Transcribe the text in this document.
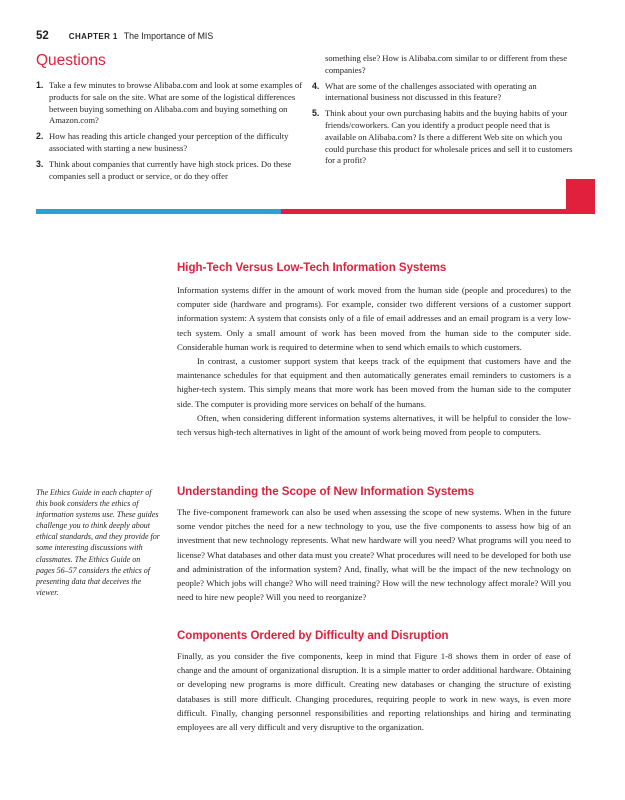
52	CHAPTER 1 The Importance of MIS
Questions
1. Take a few minutes to browse Alibaba.com and look at some examples of products for sale on the site. What are some of the logistical differences between buying something on Alibaba.com and buying something on Amazon.com?
2. How has reading this article changed your perception of the difficulty associated with starting a new business?
3. Think about companies that currently have high stock prices. Do these companies sell a product or service, or do they offer
something else? How is Alibaba.com similar to or different from these companies?
4. What are some of the challenges associated with operating an international business not discussed in this feature?
5. Think about your own purchasing habits and the buying habits of your friends/coworkers. Can you identify a product people need that is available on Alibaba.com? Is there a different Web site on which you could purchase this product for wholesale prices and sell it to customers for a profit?
High-Tech Versus Low-Tech Information Systems

Information systems differ in the amount of work moved from the human side (people and procedures) to the computer side (hardware and programs). For example, consider two different versions of a customer support information system: A system that consists only of a file of email addresses and an email program is a very low-tech system. Only a small amount of work has been moved from the human side to the computer side. Considerable human work is required to determine when to send which emails to which customers.

In contrast, a customer support system that keeps track of the equipment that customers have and the maintenance schedules for that equipment and then automatically generates email reminders to customers is a higher-tech system. This simply means that more work has been moved from the human side to the computer side. The computer is providing more services on behalf of the humans.

Often, when considering different information systems alternatives, it will be helpful to consider the low-tech versus high-tech alternatives in light of the amount of work being moved from people to computers.

The Ethics Guide in each chapter of this book considers the ethics of information systems use. These guides challenge you to think deeply about ethical standards, and they provide for some interesting discussions with classmates. The Ethics Guide on pages 56–57 considers the ethics of presenting data that deceives the viewer.
Understanding the Scope of New Information Systems

The five-component framework can also be used when assessing the scope of new systems. When in the future some vendor pitches the need for a new technology to you, use the five components to assess how big of an investment that new technology represents. What new hardware will you need? What programs will you need to license? What databases and other data must you create? What procedures will need to be developed for both use and administration of the information system? And, finally, what will be the impact of the new technology on people? Which jobs will change? Who will need training? How will the new technology affect morale? Will you need to hire new people? Will you need to reorganize?

Components Ordered by Difficulty and Disruption

Finally, as you consider the five components, keep in mind that Figure 1-8 shows them in order of ease of change and the amount of organizational disruption. It is a simple matter to order additional hardware. Obtaining or developing new programs is more difficult. Creating new databases or changing the structure of existing databases is still more difficult. Changing procedures, requiring people to work in new ways, is even more difficult. Finally, changing personnel responsibilities and reporting relationships and hiring and terminating employees are all very difficult and very disruptive to the organization.
